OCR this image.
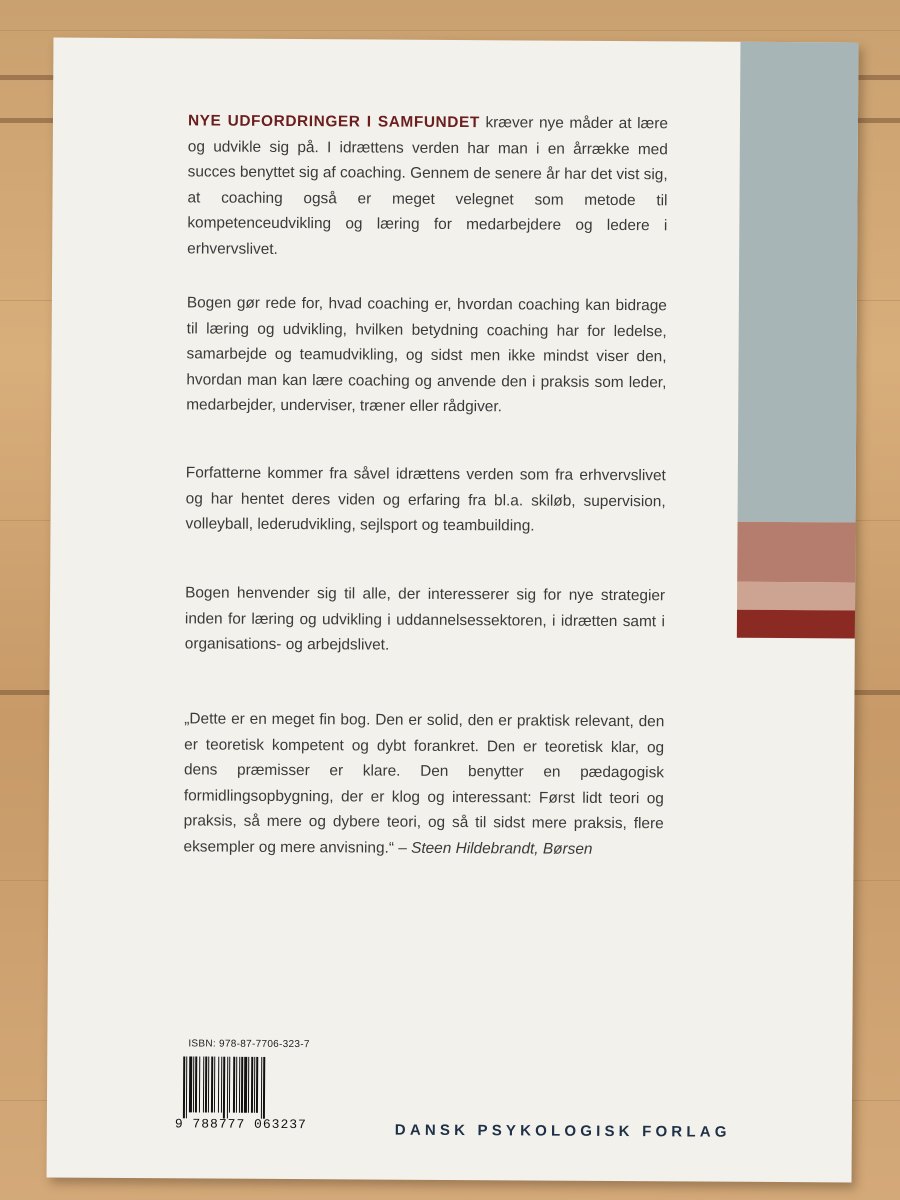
NYE UDFORDRINGER I SAMFUNDET kræver nye måder at lære og udvikle sig på. I idrættens verden har man i en årrække med succes benyttet sig af coaching. Gennem de senere år har det vist sig, at coaching også er meget velegnet som metode til kompetenceudvikling og læring for medarbejdere og ledere i erhvervslivet.

Bogen gør rede for, hvad coaching er, hvordan coaching kan bidrage til læring og udvikling, hvilken betydning coaching har for ledelse, samarbejde og teamudvikling, og sidst men ikke mindst viser den, hvordan man kan lære coaching og anvende den i praksis som leder, medarbejder, underviser, træner eller rådgiver.

Forfatterne kommer fra såvel idrættens verden som fra erhvervslivet og har hentet deres viden og erfaring fra bl.a. skiløb, supervision, volleyball, lederudvikling, sejlsport og teambuilding.

Bogen henvender sig til alle, der interesserer sig for nye strategier inden for læring og udvikling i uddannelsessektoren, i idrætten samt i organisations- og arbejdslivet.

„Dette er en meget fin bog. Den er solid, den er praktisk relevant, den er teoretisk kompetent og dybt forankret. Den er teoretisk klar, og dens præmisser er klare. Den benytter en pædagogisk formidlingsopbygning, der er klog og interessant: Først lidt teori og praksis, så mere og dybere teori, og så til sidst mere praksis, flere eksempler og mere anvisning.“ – Steen Hildebrandt, Børsen

ISBN: 978-87-7706-323-7
9 788777 063237	DANSK PSYKOLOGISK FORLAG
